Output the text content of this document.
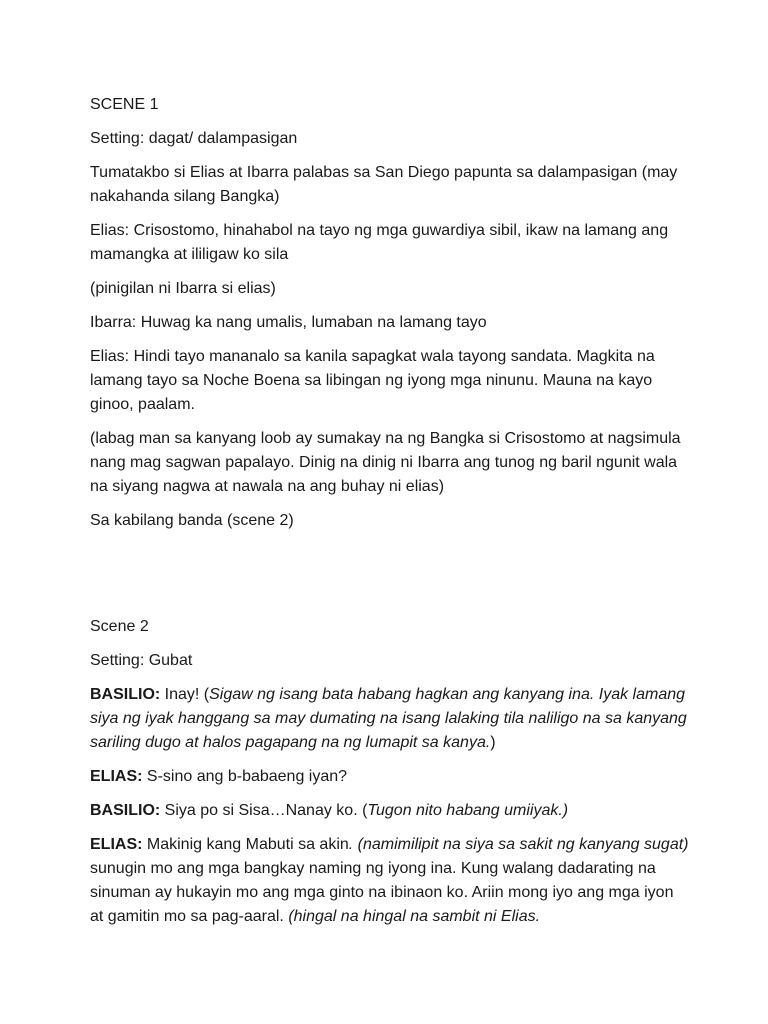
SCENE 1

Setting: dagat/ dalampasigan

Tumatakbo si Elias at Ibarra palabas sa San Diego papunta sa dalampasigan (may nakahanda silang Bangka)

Elias: Crisostomo, hinahabol na tayo ng mga guwardiya sibil, ikaw na lamang ang mamangka at ililigaw ko sila

(pinigilan ni Ibarra si elias)

Ibarra: Huwag ka nang umalis, lumaban na lamang tayo

Elias: Hindi tayo mananalo sa kanila sapagkat wala tayong sandata. Magkita na lamang tayo sa Noche Boena sa libingan ng iyong mga ninunu. Mauna na kayo ginoo, paalam.

(labag man sa kanyang loob ay sumakay na ng Bangka si Crisostomo at nagsimula nang mag sagwan papalayo. Dinig na dinig ni Ibarra ang tunog ng baril ngunit wala na siyang nagwa at nawala na ang buhay ni elias)

Sa kabilang banda (scene 2)

Scene 2

Setting: Gubat

BASILIO: Inay! (Sigaw ng isang bata habang hagkan ang kanyang ina. Iyak lamang siya ng iyak hanggang sa may dumating na isang lalaking tila naliligo na sa kanyang sariling dugo at halos pagapang na ng lumapit sa kanya.)

ELIAS: S-sino ang b-babaeng iyan?

BASILIO: Siya po si Sisa…Nanay ko. (Tugon nito habang umiiyak.)

ELIAS: Makinig kang Mabuti sa akin. (namimilipit na siya sa sakit ng kanyang sugat) sunugin mo ang mga bangkay naming ng iyong ina. Kung walang dadarating na sinuman ay hukayin mo ang mga ginto na ibinaon ko. Ariin mong iyo ang mga iyon at gamitin mo sa pag-aaral. (hingal na hingal na sambit ni Elias.
